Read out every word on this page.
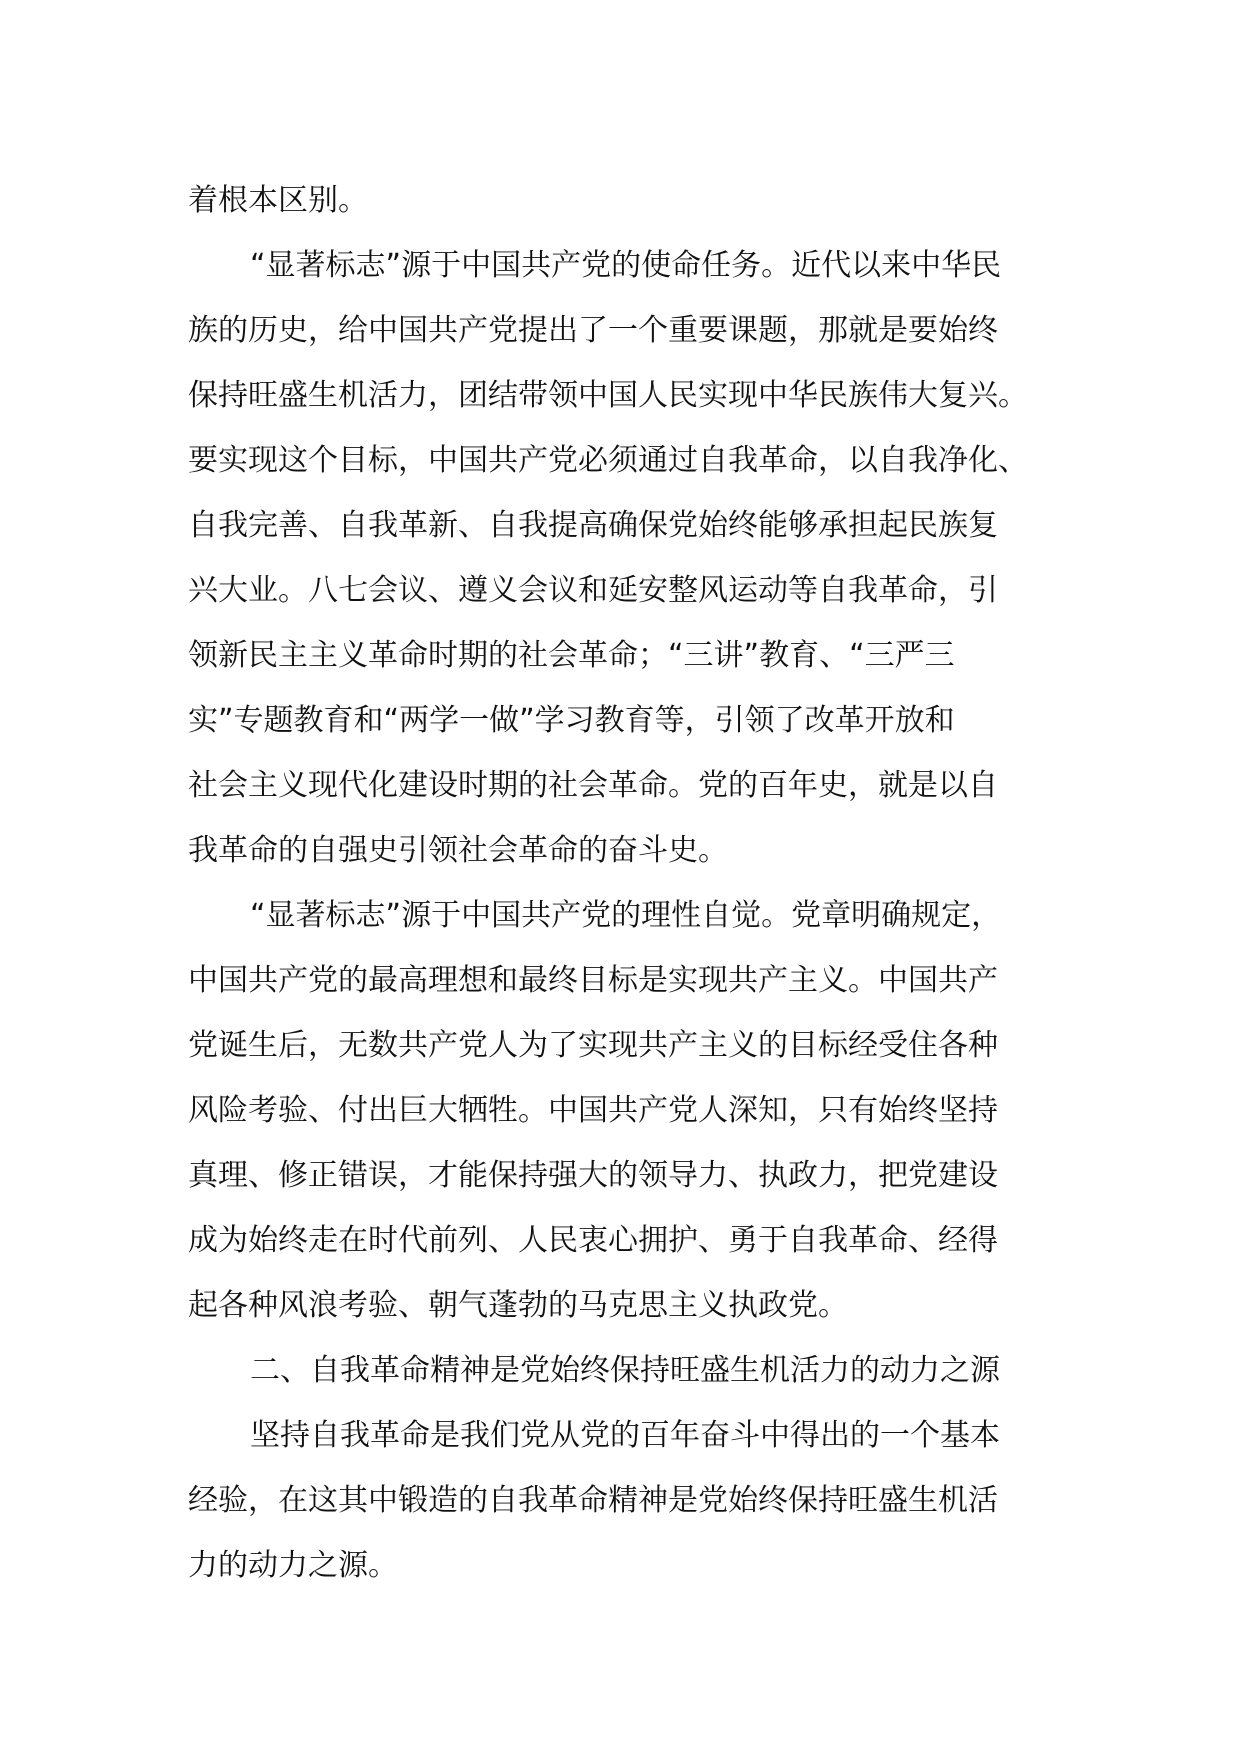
着根本区别。
“显著标志”源于中国共产党的使命任务。近代以来中华民
族的历史，给中国共产党提出了一个重要课题，那就是要始终
保持旺盛生机活力，团结带领中国人民实现中华民族伟大复兴。
要实现这个目标，中国共产党必须通过自我革命，以自我净化、
自我完善、自我革新、自我提高确保党始终能够承担起民族复
兴大业。八七会议、遵义会议和延安整风运动等自我革命，引
领新民主主义革命时期的社会革命；“三讲”教育、“三严三
实”专题教育和“两学一做”学习教育等，引领了改革开放和
社会主义现代化建设时期的社会革命。党的百年史，就是以自
我革命的自强史引领社会革命的奋斗史。
“显著标志”源于中国共产党的理性自觉。党章明确规定，
中国共产党的最高理想和最终目标是实现共产主义。中国共产
党诞生后，无数共产党人为了实现共产主义的目标经受住各种
风险考验、付出巨大牺牲。中国共产党人深知，只有始终坚持
真理、修正错误，才能保持强大的领导力、执政力，把党建设
成为始终走在时代前列、人民衷心拥护、勇于自我革命、经得
起各种风浪考验、朝气蓬勃的马克思主义执政党。
二、自我革命精神是党始终保持旺盛生机活力的动力之源
坚持自我革命是我们党从党的百年奋斗中得出的一个基本
经验，在这其中锻造的自我革命精神是党始终保持旺盛生机活
力的动力之源。
